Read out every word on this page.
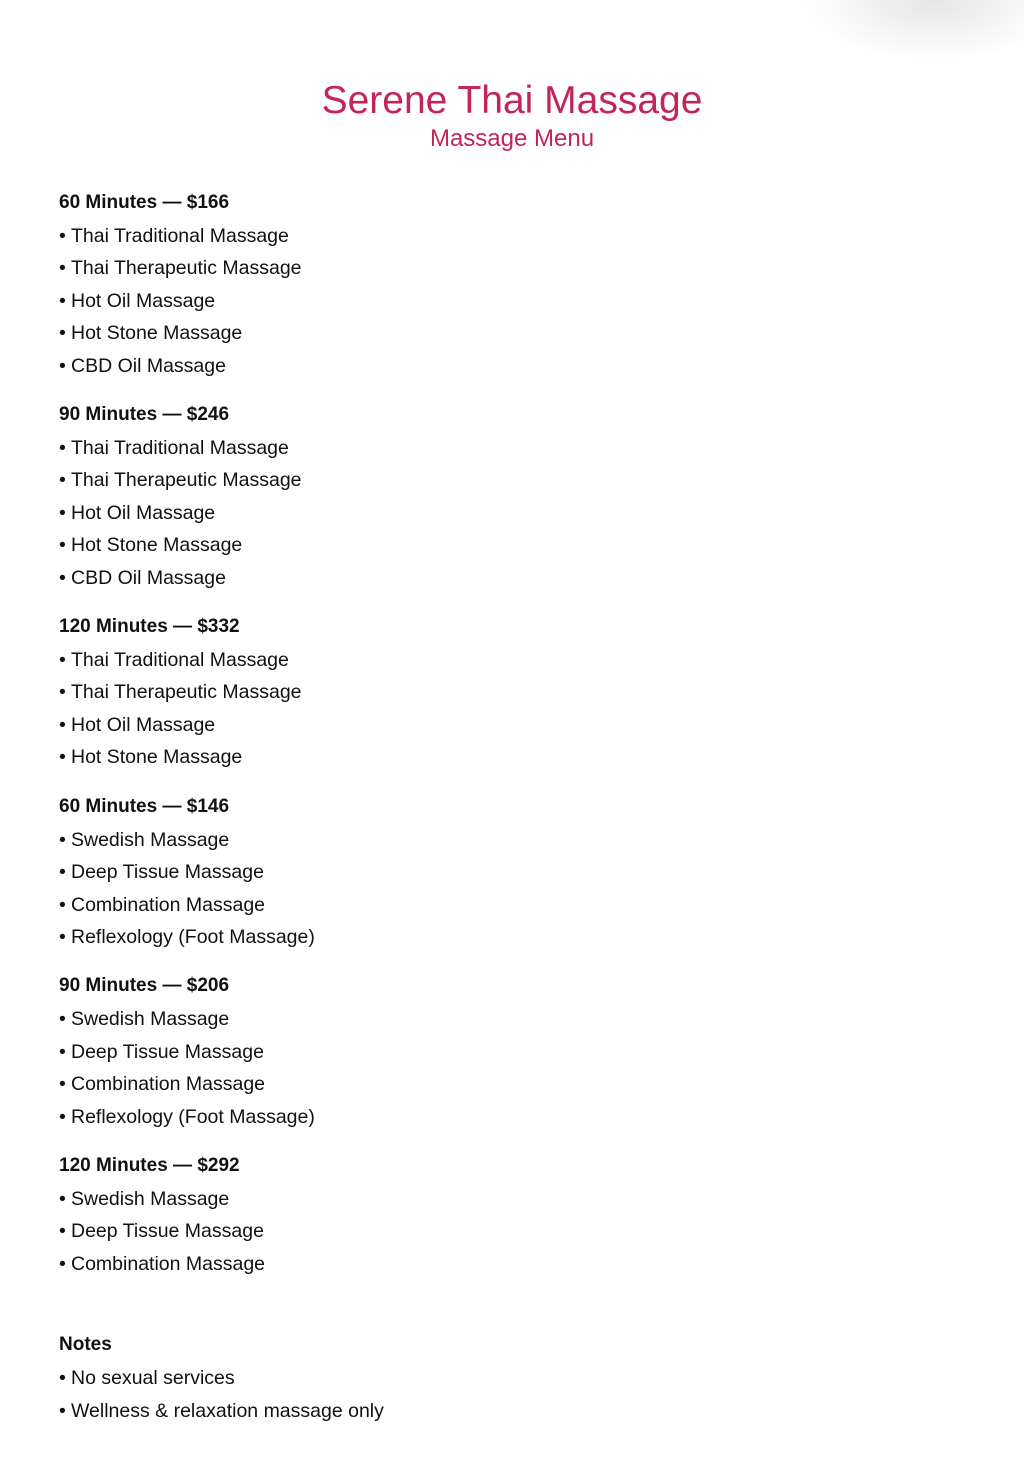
Serene Thai Massage
Massage Menu
60 Minutes — $166
• Thai Traditional Massage
• Thai Therapeutic Massage
• Hot Oil Massage
• Hot Stone Massage
• CBD Oil Massage
90 Minutes — $246
• Thai Traditional Massage
• Thai Therapeutic Massage
• Hot Oil Massage
• Hot Stone Massage
• CBD Oil Massage
120 Minutes — $332
• Thai Traditional Massage
• Thai Therapeutic Massage
• Hot Oil Massage
• Hot Stone Massage
60 Minutes — $146
• Swedish Massage
• Deep Tissue Massage
• Combination Massage
• Reflexology (Foot Massage)
90 Minutes — $206
• Swedish Massage
• Deep Tissue Massage
• Combination Massage
• Reflexology (Foot Massage)
120 Minutes — $292
• Swedish Massage
• Deep Tissue Massage
• Combination Massage
Notes
• No sexual services
• Wellness & relaxation massage only
